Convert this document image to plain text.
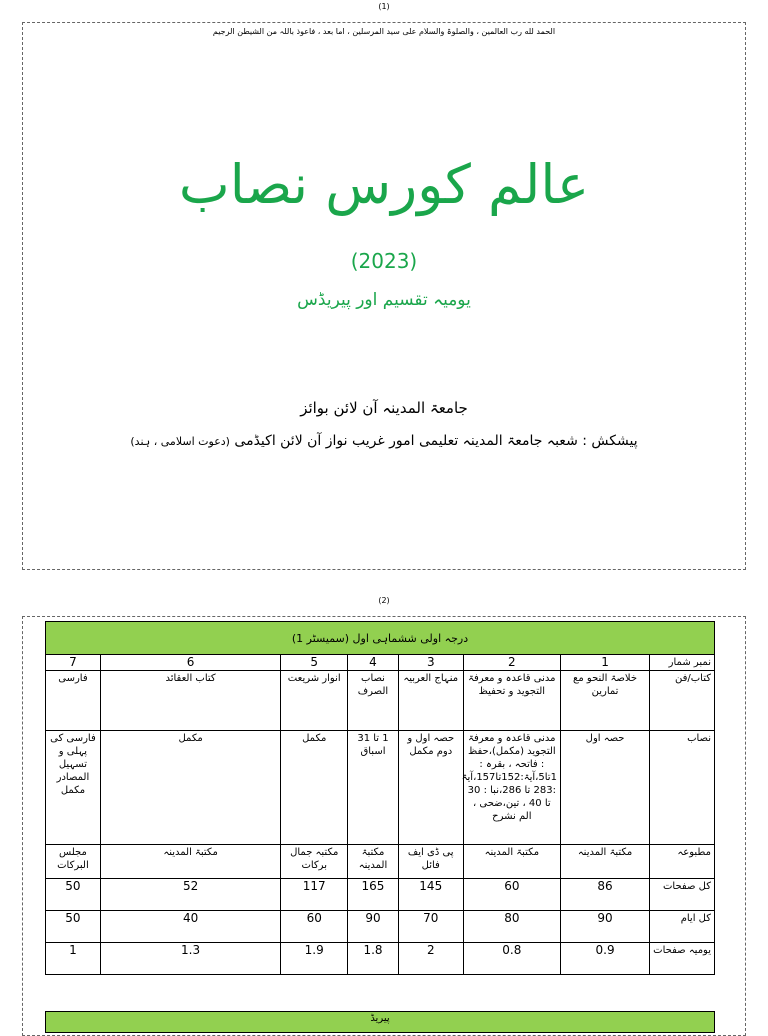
(1)
الحمد لله رب العالمین ، والصلوۃ والسلام علی سید المرسلین ، اما بعد ، فاعوذ باللہ من الشیطن الرجیم
عالم کورس نصاب
(2023)
یومیہ تقسیم اور پیریڈس
جامعۃ المدینہ آن لائن بوائز
پیشکش : شعبہ جامعۃ المدینہ تعلیمی امور غریب نواز آن لائن اکیڈمی (دعوت اسلامی ، ہند)
(2)
درجہ اولی ششماہی اول (سمیسٹر 1)							
نمبر شمار	1	2	3	4	5	6	7
کتاب/فن	خلاصۃ النحو مع تمارین	مدنی قاعدہ و معرفۃ التجوید و تحفیظ	منہاج العربیہ	نصاب الصرف	انوار شریعت	کتاب العقائد	فارسی
نصاب	حصہ اول	مدنی قاعدہ و معرفۃ التجوید (مکمل)،حفظ : فاتحہ ، بقرہ : 1تا5،آیۃ:152تا157،آیۃ :283 تا 286،نبا : 30 تا 40 ، تین،ضحی ، الم نشرح	حصہ اول و دوم مکمل	1 تا 31 اسباق	مکمل	مکمل	فارسی کی پہلی و تسہیل المصادر مکمل
مطبوعہ	مکتبۃ المدینہ	مکتبۃ المدینہ	پی ڈی ایف فائل	مکتبۃ المدینہ	مکتبہ جمال برکات	مکتبۃ المدینہ	مجلس البرکات
کل صفحات	86	60	145	165	117	52	50
کل ایام	90	80	70	90	60	40	50
یومیہ صفحات	0.9	0.8	2	1.8	1.9	1.3	1
پیریڈ
